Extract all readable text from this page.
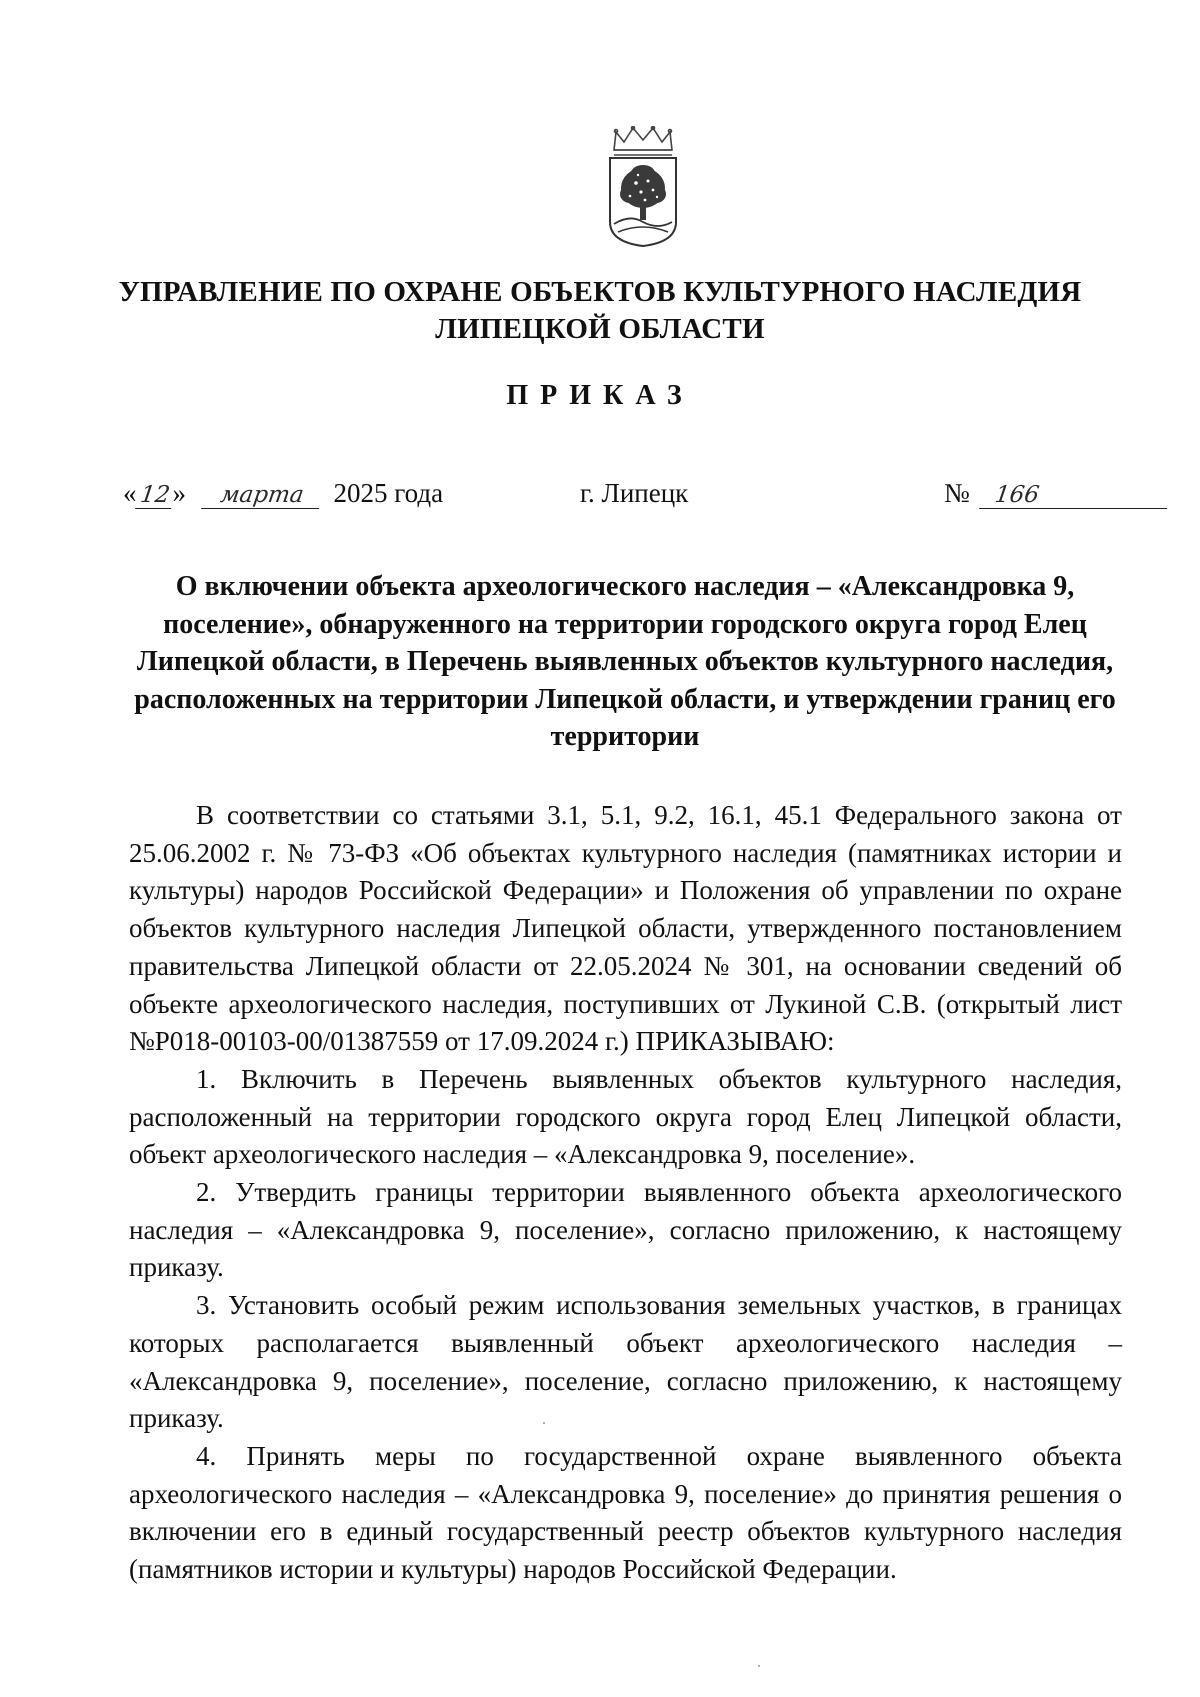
УПРАВЛЕНИЕ ПО ОХРАНЕ ОБЪЕКТОВ КУЛЬТУРНОГО НАСЛЕДИЯ
ЛИПЕЦКОЙ ОБЛАСТИ
ПРИКАЗ
«12» марта 2025 года	г. Липецк	№ 166
О включении объекта археологического наследия – «Александровка 9,
поселение», обнаруженного на территории городского округа город Елец
Липецкой области, в Перечень выявленных объектов культурного наследия,
расположенных на территории Липецкой области, и утверждении границ его
территории

В соответствии со статьями 3.1, 5.1, 9.2, 16.1, 45.1 Федерального закона от 25.06.2002 г. № 73-ФЗ «Об объектах культурного наследия (памятниках истории и культуры) народов Российской Федерации» и Положения об управлении по охране объектов культурного наследия Липецкой области, утвержденного постановлением правительства Липецкой области от 22.05.2024 № 301, на основании сведений об объекте археологического наследия, поступивших от Лукиной С.В. (открытый лист №Р018-00103-00/01387559 от 17.09.2024 г.) ПРИКАЗЫВАЮ:

1. Включить в Перечень выявленных объектов культурного наследия, расположенный на территории городского округа город Елец Липецкой области, объект археологического наследия – «Александровка 9, поселение».

2. Утвердить границы территории выявленного объекта археологического наследия – «Александровка 9, поселение», согласно приложению, к настоящему приказу.

3. Установить особый режим использования земельных участков, в границах которых располагается выявленный объект археологического наследия – «Александровка 9, поселение», поселение, согласно приложению, к настоящему приказу.

4. Принять меры по государственной охране выявленного объекта археологического наследия – «Александровка 9, поселение» до принятия решения о включении его в единый государственный реестр объектов культурного наследия (памятников истории и культуры) народов Российской Федерации.
